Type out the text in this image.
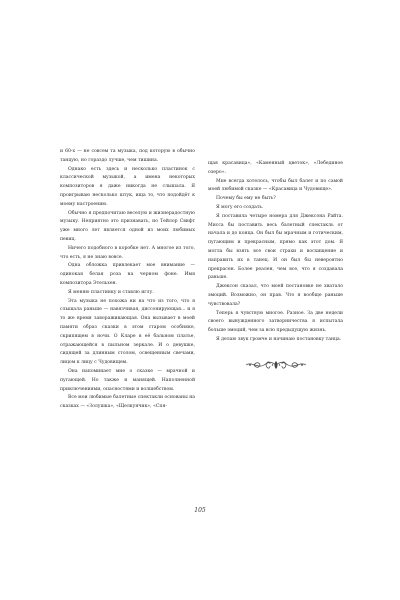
и 60-х — не совсем та музыка, под которую в обычно танцую, но гораздо лучше, чем тишина.

Однако есть здесь и несколько пластинок с классической музыкой, а имена некоторых композиторов я даже никогда не слышала. Я проигрываю несколько штук, ища то, что подойдёт к моему настроению.

Обычно я предпочитаю веселую и жизнерадостную музыку. Неприятно это признавать, но Тейлор Свифт уже много лет является одной из моих любимых певиц.

Ничего подобного в коробке нет. А многое из того, что есть, я не знаю вовсе.

Одна обложка привлекает мое внимание — одинокая белая роза на черном фоне. Имя композитора Этельхен.

Я меняю пластинку и ставлю иглу.

Эта музыка не похожа ни на что из того, что я слышала раньше — навязчивая, диссонирующая... и я то же время завораживающая. Она вызывает в моей памяти образ сказки в этом старом особняке, скрипящем в ночи. О Кларе в её бальном платье, отражающейся в пыльном зеркале. И о девушке, сидящей за длинным столом, освещенным свечами, лицом к лицу с Чудовищем.

Она напоминает мне о сказке — мрачной и пугающей. Но также и манящей. Наполненной приключениями, опасностями и волшебством.

Все мои любимые балетные спектакли основаны на сказках — «Золушка», «Щелкунчик», «Спя-

щая красавица», «Каменный цветок», «Лебединое озеро».

Мне всегда хотелось, чтобы был балет и по самой моей любимой сказке — «Красавица и Чудовище».

Почему бы ему не быть?

Я могу его создать.

Я поставила четыре номера для Джексона Райта. Мисса бы поставить весь балетный спектакль от начала и до конца. Он был бы мрачным и готическим, пугающим и прекрасным, прямо как этот дом. Я могла бы взять все свои страхи и восхищение и направить их в танец. И он был бы невероятно прекрасен. Более реален, чем все, что я создавала раньше.

Джексон сказал, что моей постановке не хватало эмоций. Возможно, он прав. Что я вообще раньше чувствовала?

Теперь я чувствую многое. Разное. За две недели своего вынужденного затворничества я испытала больше эмоций, чем за всю предыдущую жизнь.

Я делаю звук громче и начинаю постановку танца.

105
